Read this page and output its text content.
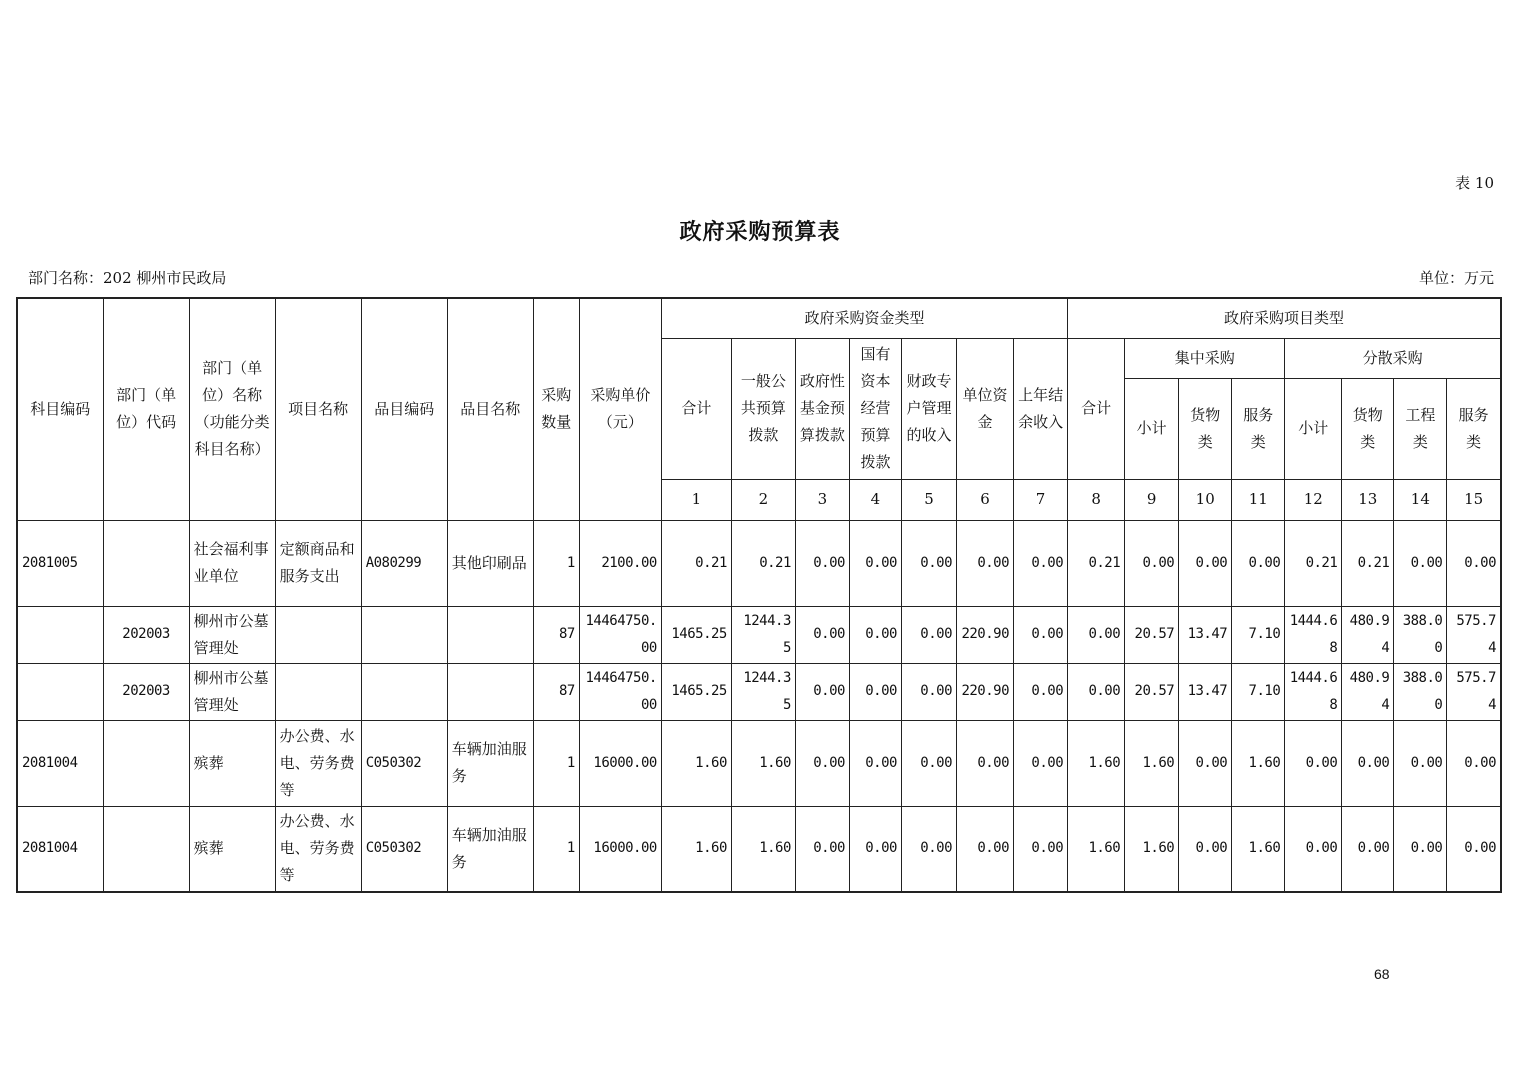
表 10
政府采购预算表
部门名称：202 柳州市民政局	单位：万元
科目编码	部门（单位）代码	部门（单位）名称（功能分类科目名称）	项目名称	品目编码	品目名称	采购数量	采购单价（元）	政府采购资金类型							政府采购项目类型							
								合计	一般公共预算拨款	政府性基金预算拨款	国有资本经营预算拨款	财政专户管理的收入	单位资金	上年结余收入	合计	集中采购			分散采购			
																小计	货物类	服务类	小计	货物类	工程类	服务类
								1	2	3	4	5	6	7	8	9	10	11	12	13	14	15
2081005		社会福利事业单位	定额商品和服务支出	A080299	其他印刷品	1	2100.00	0.21	0.21	0.00	0.00	0.00	0.00	0.00	0.21	0.00	0.00	0.00	0.21	0.21	0.00	0.00
	202003	柳州市公墓管理处				87	14464750.00	1465.25	1244.35	0.00	0.00	0.00	220.90	0.00	0.00	20.57	13.47	7.10	1444.68	480.94	388.00	575.74
	202003	柳州市公墓管理处				87	14464750.00	1465.25	1244.35	0.00	0.00	0.00	220.90	0.00	0.00	20.57	13.47	7.10	1444.68	480.94	388.00	575.74
2081004		殡葬	办公费、水电、劳务费等	C050302	车辆加油服务	1	16000.00	1.60	1.60	0.00	0.00	0.00	0.00	0.00	1.60	1.60	0.00	1.60	0.00	0.00	0.00	0.00
2081004		殡葬	办公费、水电、劳务费等	C050302	车辆加油服务	1	16000.00	1.60	1.60	0.00	0.00	0.00	0.00	0.00	1.60	1.60	0.00	1.60	0.00	0.00	0.00	0.00
68
